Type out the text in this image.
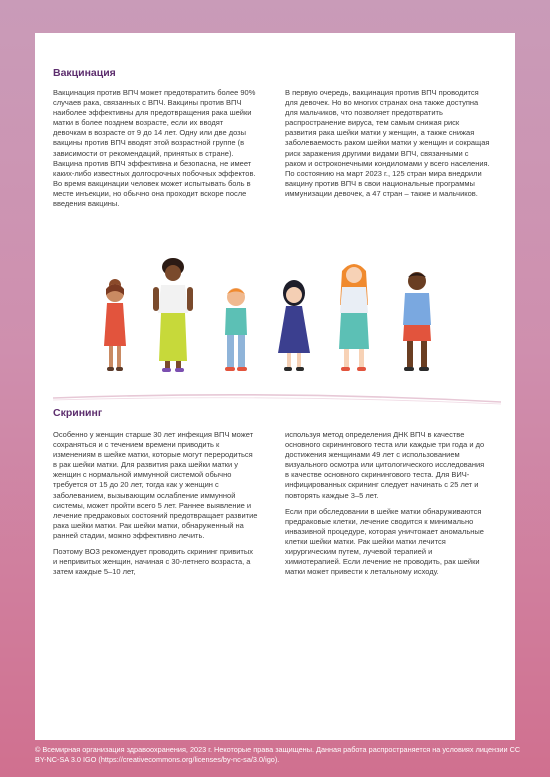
Вакцинация

Вакцинация против ВПЧ может предотвратить более 90% случаев рака, связанных с ВПЧ. Вакцины против ВПЧ наиболее эффективны для предотвращения рака шейки матки в более позднем возрасте, если их вводят девочкам в возрасте от 9 до 14 лет. Одну или две дозы вакцины против ВПЧ вводят этой возрастной группе (в зависимости от рекомендаций, принятых в стране). Вакцина против ВПЧ эффективна и безопасна, не имеет каких-либо известных долгосрочных побочных эффектов. Во время вакцинации человек может испытывать боль в месте инъекции, но обычно она проходит вскоре после введения вакцины.

В первую очередь, вакцинация против ВПЧ проводится для девочек. Но во многих странах она также доступна для мальчиков, что позволяет предотвратить распространение вируса, тем самым снижая риск развития рака шейки матки у женщин, а также снижая заболеваемость раком шейки матки у женщин и сокращая риск заражения другими видами ВПЧ, связанными с раком и остроконечными кондиломами у всего населения. По состоянию на март 2023 г., 125 стран мира внедрили вакцину против ВПЧ в свои национальные программы иммунизации девочек, а 47 стран – также и мальчиков.

Скрининг

Особенно у женщин старше 30 лет инфекция ВПЧ может сохраняться и с течением времени приводить к изменениям в шейке матки, которые могут переродиться в рак шейки матки. Для развития рака шейки матки у женщин с нормальной иммунной системой обычно требуется от 15 до 20 лет, тогда как у женщин с заболеванием, вызывающим ослабление иммунной системы, может пройти всего 5 лет. Раннее выявление и лечение предраковых состояний предотвращает развитие рака шейки матки. Рак шейки матки, обнаруженный на ранней стадии, можно эффективно лечить.

Поэтому ВОЗ рекомендует проводить скрининг привитых и непривитых женщин, начиная с 30-летнего возраста, а затем каждые 5–10 лет,

используя метод определения ДНК ВПЧ в качестве основного скринингового теста или каждые три года и до достижения женщинами 49 лет с использованием визуального осмотра или цитологического исследования в качестве основного скринингового теста. Для ВИЧ-инфицированных скрининг следует начинать с 25 лет и повторять каждые 3–5 лет.

Если при обследовании в шейке матки обнаруживаются предраковые клетки, лечение сводится к минимально инвазивной процедуре, которая уничтожает аномальные клетки шейки матки. Рак шейки матки лечится хирургическим путем, лучевой терапией и химиотерапией. Если лечение не проводить, рак шейки матки может привести к летальному исходу.

© Всемирная организация здравоохранения, 2023 г. Некоторые права защищены. Данная работа распространяется на условиях лицензии CC BY-NC-SA 3.0 IGO (https://creativecommons.org/licenses/by-nc-sa/3.0/igo).
